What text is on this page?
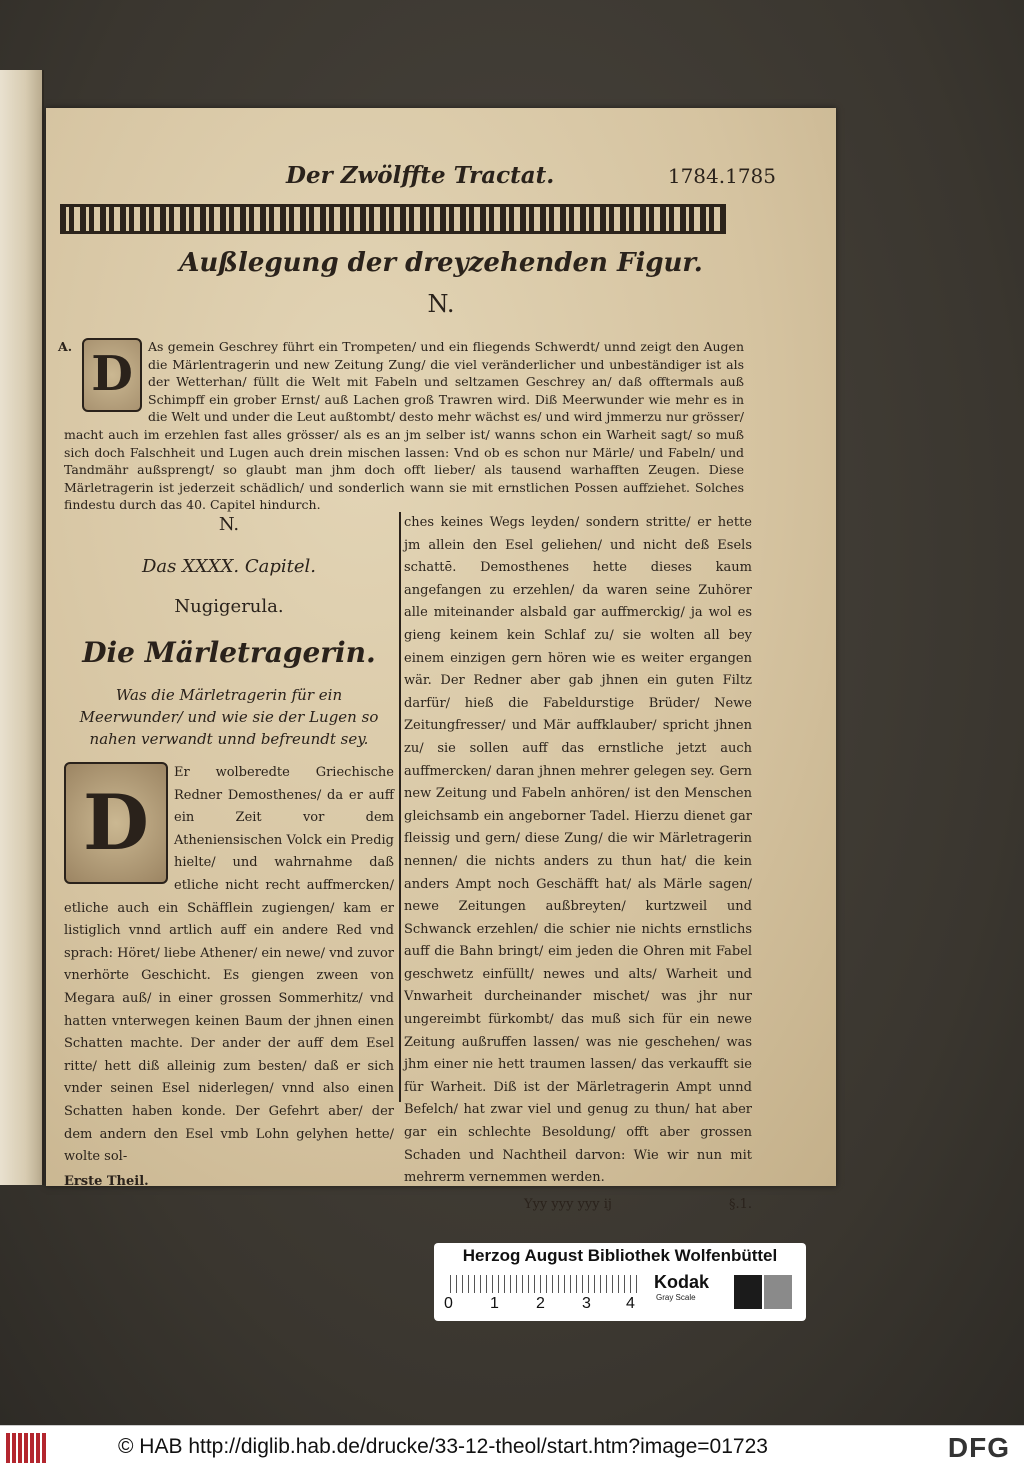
Der Zwölffte Tractat.	1784.1785
Außlegung der dreyzehenden Figur.
N.
A. D	As gemein Geschrey führt ein Trompeten/ und ein fliegends Schwerdt/ unnd zeigt den Augen die Märlentragerin und new Zeitung Zung/ die viel veränderlicher und unbeständiger ist als der Wetterhan/ füllt die Welt mit Fabeln und seltzamen Geschrey an/ daß offtermals auß Schimpff ein grober Ernst/ auß Lachen groß Trawren wird. Diß Meerwunder wie mehr es in die Welt und under die Leut außtombt/ desto mehr wächst es/ und wird jmmerzu nur grösser/ macht auch im erzehlen fast alles grösser/ als es an jm selber ist/ wanns schon ein Warheit sagt/ so muß sich doch Falschheit und Lugen auch drein mischen lassen: Vnd ob es schon nur Märle/ und Fabeln/ und Tandmähr außsprengt/ so glaubt man jhm doch offt lieber/ als tausend warhafften Zeugen. Diese Märletragerin ist jederzeit schädlich/ und sonderlich wann sie mit ernstlichen Possen auffziehet. Solches findestu durch das 40. Capitel hindurch.
N.
Das XXXX. Capitel.
Nugigerula.
Die Märletragerin.
Was die Märletragerin für ein Meerwunder/ und wie sie der Lugen so nahen verwandt unnd befreundt sey.
D
Er wolberedte Griechische Redner Demosthenes/ da er auff ein Zeit vor dem Atheniensischen Volck ein Predig hielte/ und wahrnahme daß etliche nicht recht auffmercken/ etliche auch ein Schäfflein zugiengen/ kam er listiglich vnnd artlich auff ein andere Red vnd sprach: Höret/ liebe Athener/ ein newe/ vnd zuvor vnerhörte Geschicht. Es giengen zween von Megara auß/ in einer grossen Sommerhitz/ vnd hatten vnterwegen keinen Baum der jhnen einen Schatten machte. Der ander der auff dem Esel ritte/ hett diß alleinig zum besten/ daß er sich vnder seinen Esel niderlegen/ vnnd also einen Schatten haben konde. Der Gefehrt aber/ der dem andern den Esel vmb Lohn gelyhen hette/ wolte sol-
Erste Theil.
ches keines Wegs leyden/ sondern stritte/ er hette jm allein den Esel geliehen/ und nicht deß Esels schattē. Demosthenes hette dieses kaum angefangen zu erzehlen/ da waren seine Zuhörer alle miteinander alsbald gar auffmerckig/ ja wol es gieng keinem kein Schlaf zu/ sie wolten all bey einem einzigen gern hören wie es weiter ergangen wär. Der Redner aber gab jhnen ein guten Filtz darfür/ hieß die Fabeldurstige Brüder/ Newe Zeitungfresser/ und Mär auffklauber/ spricht jhnen zu/ sie sollen auff das ernstliche jetzt auch auffmercken/ daran jhnen mehrer gelegen sey. Gern new Zeitung und Fabeln anhören/ ist den Menschen gleichsamb ein angeborner Tadel. Hierzu dienet gar fleissig und gern/ diese Zung/ die wir Märletragerin nennen/ die nichts anders zu thun hat/ die kein anders Ampt noch Geschäfft hat/ als Märle sagen/ newe Zeitungen außbreyten/ kurtzweil und Schwanck erzehlen/ die schier nie nichts ernstlichs auff die Bahn bringt/ eim jeden die Ohren mit Fabel geschwetz einfüllt/ newes und alts/ Warheit und Vnwarheit durcheinander mischet/ was jhr nur ungereimbt fürkombt/ das muß sich für ein newe Zeitung außruffen lassen/ was nie geschehen/ was jhm einer nie hett traumen lassen/ das verkaufft sie für Warheit. Diß ist der Märletragerin Ampt unnd Befelch/ hat zwar viel und genug zu thun/ hat aber gar ein schlechte Besoldung/ offt aber grossen Schaden und Nachtheil darvon: Wie wir nun mit mehrerm vernemmen werden.
Yyy yyy yyy ij	§.1.
Herzog August Bibliothek Wolfenbüttel
0 1 2 3 4
Kodak
Gray Scale
© HAB http://diglib.hab.de/drucke/33-12-theol/start.htm?image=01723	DFG
